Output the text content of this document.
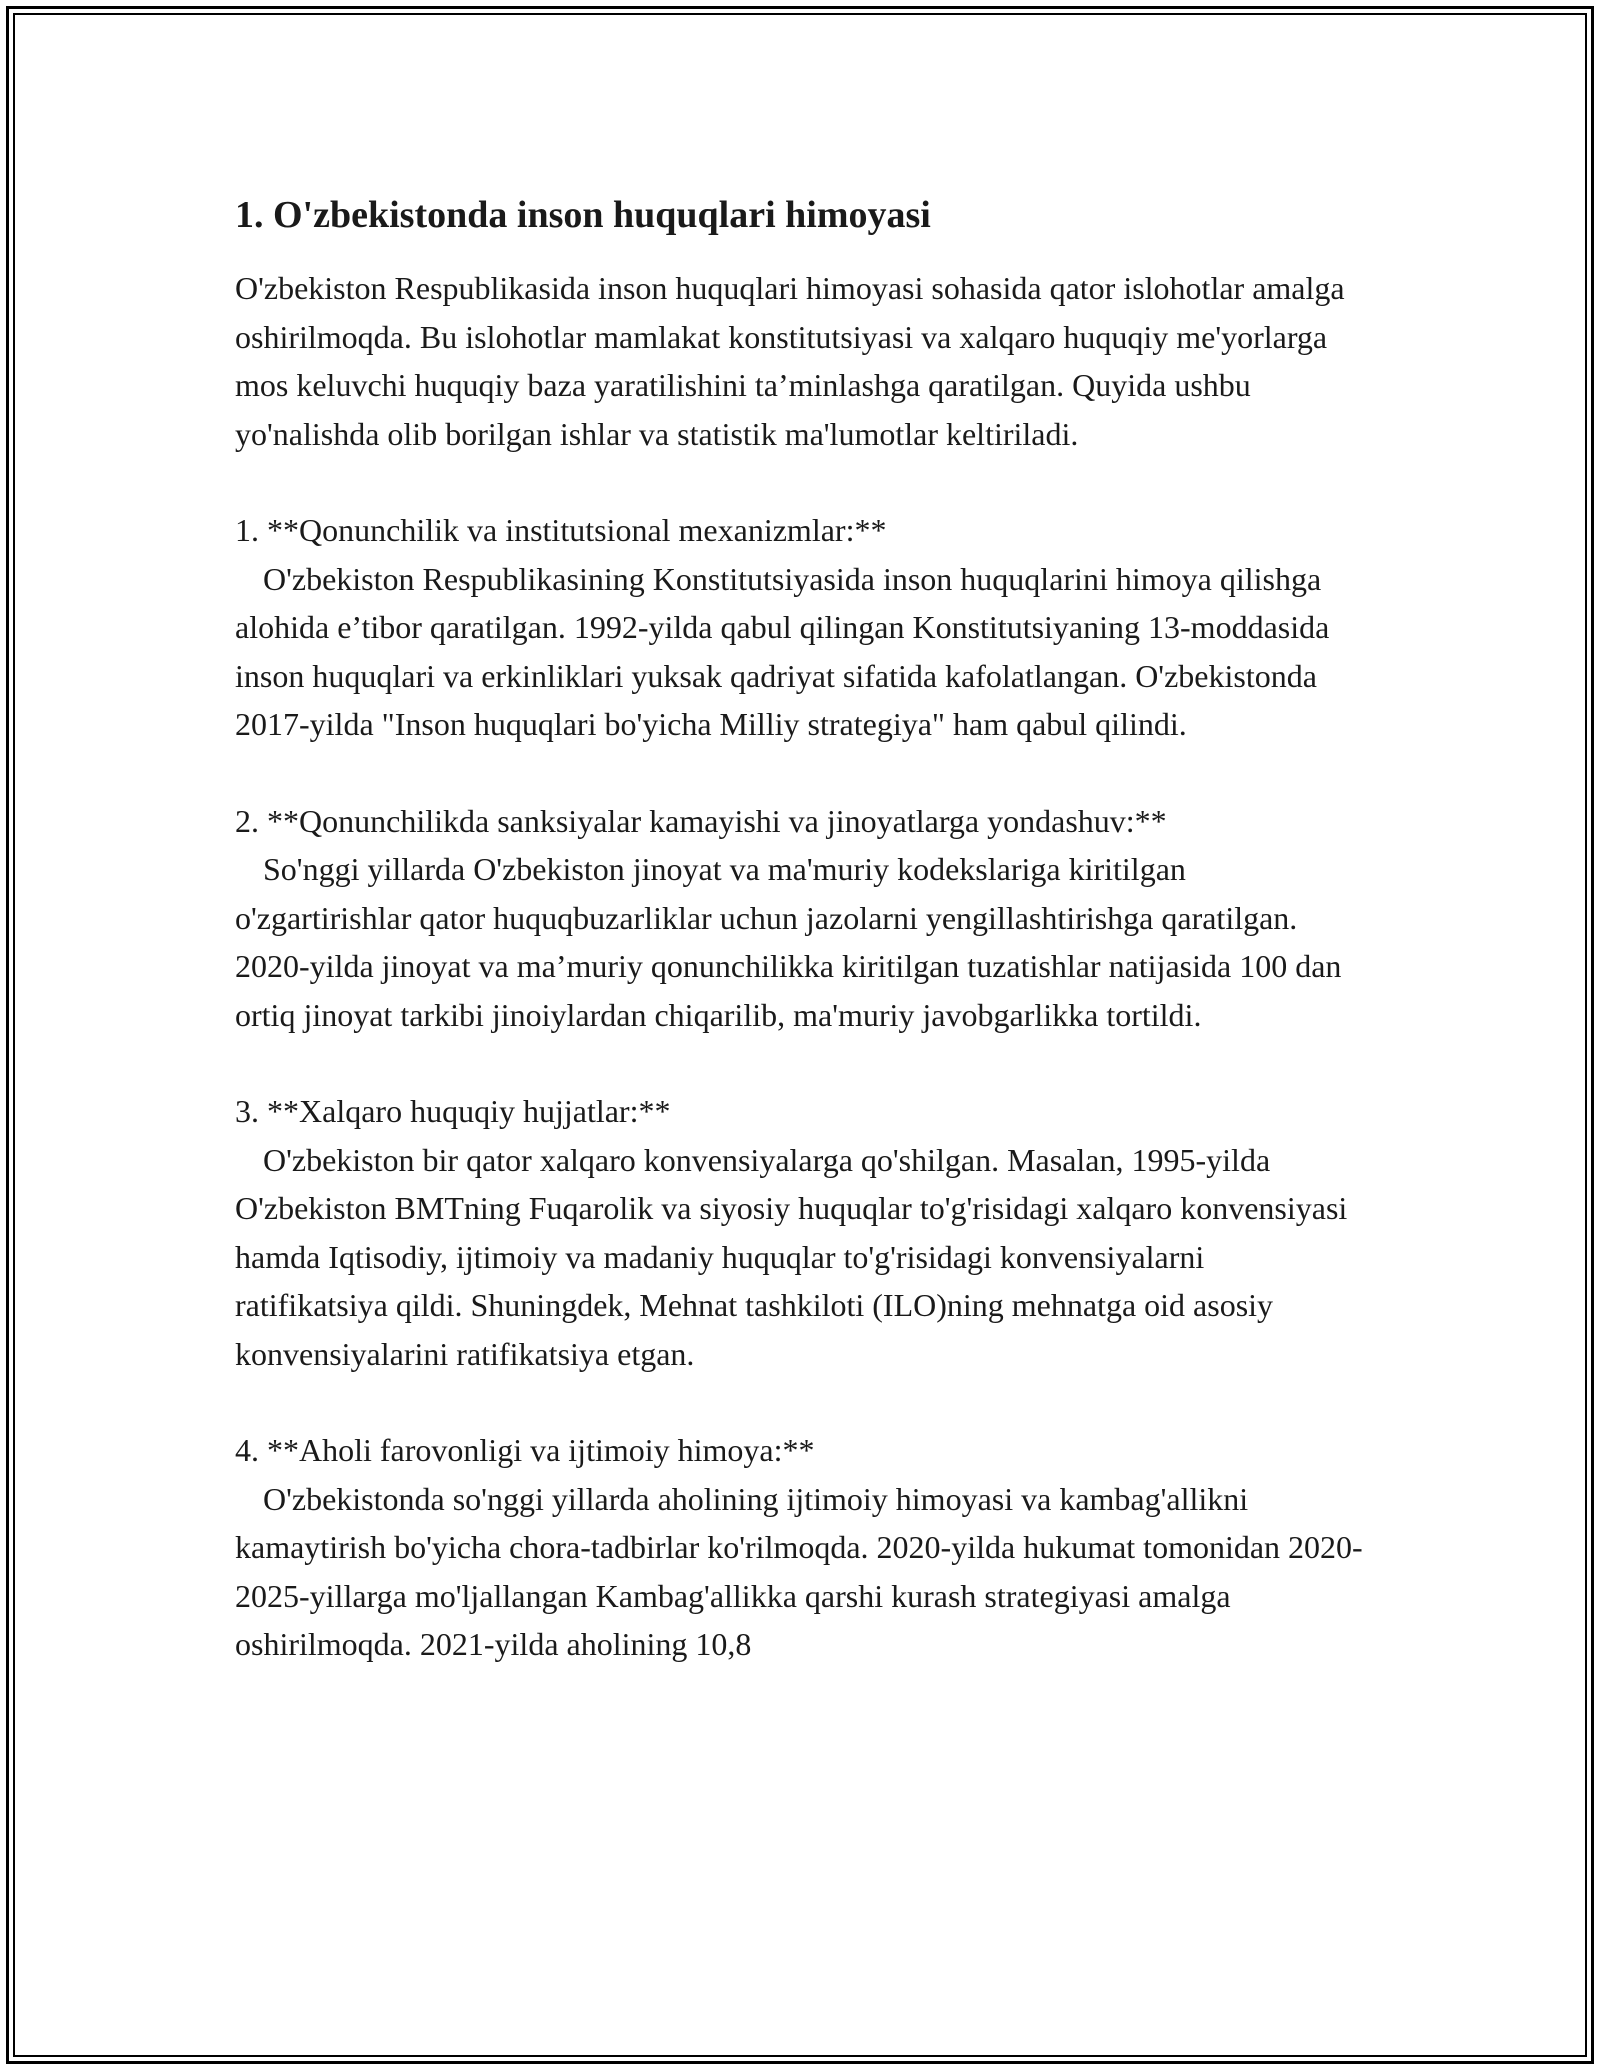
1. O'zbekistonda inson huquqlari himoyasi

O'zbekiston Respublikasida inson huquqlari himoyasi sohasida qator islohotlar amalga oshirilmoqda. Bu islohotlar mamlakat konstitutsiyasi va xalqaro huquqiy me'yorlarga mos keluvchi huquqiy baza yaratilishini ta’minlashga qaratilgan. Quyida ushbu yo'nalishda olib borilgan ishlar va statistik ma'lumotlar keltiriladi.

1. **Qonunchilik va institutsional mexanizmlar:**

O'zbekiston Respublikasining Konstitutsiyasida inson huquqlarini himoya qilishga alohida e’tibor qaratilgan. 1992-yilda qabul qilingan Konstitutsiyaning 13-moddasida inson huquqlari va erkinliklari yuksak qadriyat sifatida kafolatlangan. O'zbekistonda 2017-yilda "Inson huquqlari bo'yicha Milliy strategiya" ham qabul qilindi.

2. **Qonunchilikda sanksiyalar kamayishi va jinoyatlarga yondashuv:**

So'nggi yillarda O'zbekiston jinoyat va ma'muriy kodekslariga kiritilgan o'zgartirishlar qator huquqbuzarliklar uchun jazolarni yengillashtirishga qaratilgan. 2020-yilda jinoyat va ma’muriy qonunchilikka kiritilgan tuzatishlar natijasida 100 dan ortiq jinoyat tarkibi jinoiylardan chiqarilib, ma'muriy javobgarlikka tortildi.

3. **Xalqaro huquqiy hujjatlar:**

O'zbekiston bir qator xalqaro konvensiyalarga qo'shilgan. Masalan, 1995-yilda O'zbekiston BMTning Fuqarolik va siyosiy huquqlar to'g'risidagi xalqaro konvensiyasi hamda Iqtisodiy, ijtimoiy va madaniy huquqlar to'g'risidagi konvensiyalarni ratifikatsiya qildi. Shuningdek, Mehnat tashkiloti (ILO)ning mehnatga oid asosiy konvensiyalarini ratifikatsiya etgan.

4. **Aholi farovonligi va ijtimoiy himoya:**

O'zbekistonda so'nggi yillarda aholining ijtimoiy himoyasi va kambag'allikni kamaytirish bo'yicha chora-tadbirlar ko'rilmoqda. 2020-yilda hukumat tomonidan 2020-2025-yillarga mo'ljallangan Kambag'allikka qarshi kurash strategiyasi amalga oshirilmoqda. 2021-yilda aholining 10,8
